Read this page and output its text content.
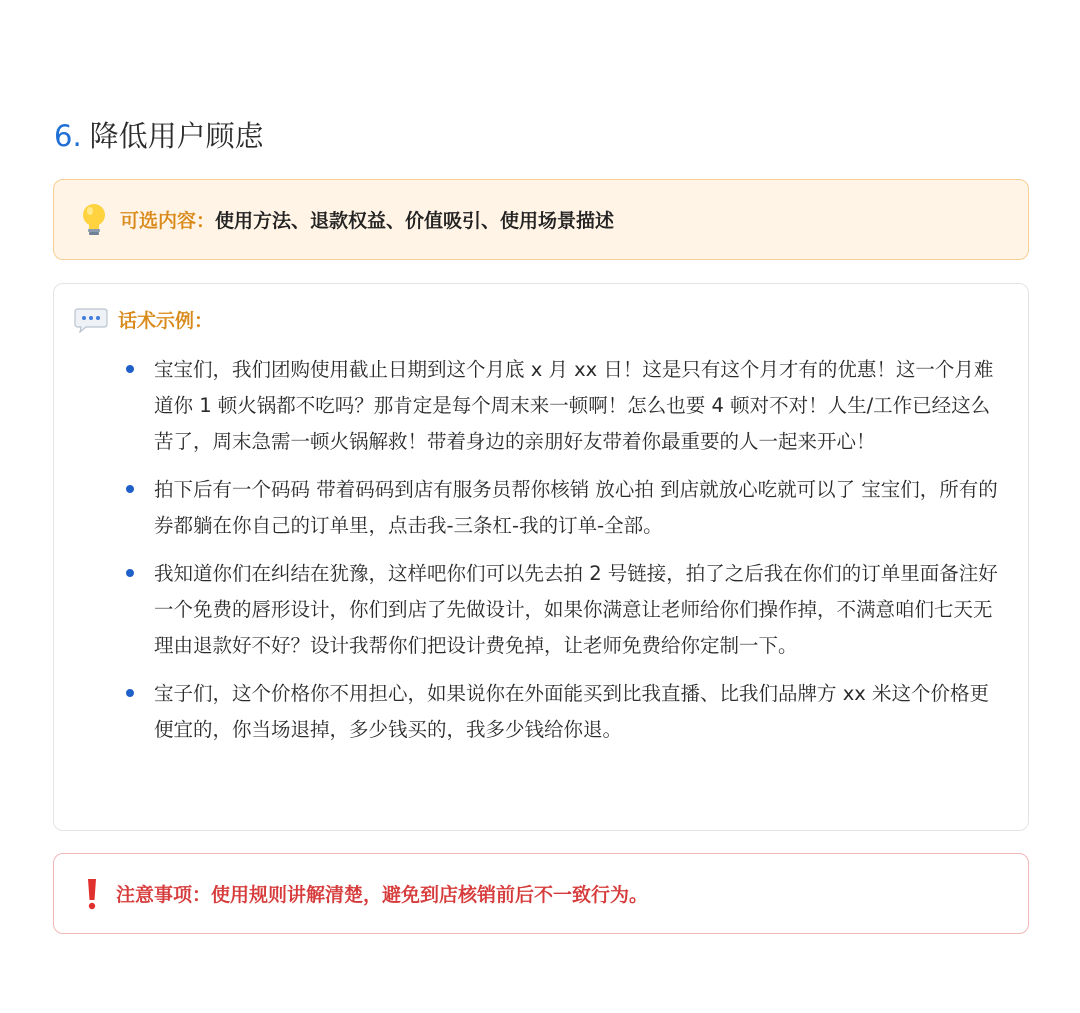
6. 降低用户顾虑
可选内容： 使用方法、退款权益、价值吸引、使用场景描述
话术示例：
宝宝们，我们团购使用截止日期到这个月底 x 月 xx 日！这是只有这个月才有的优惠！这一个月难道你 1 顿火锅都不吃吗？那肯定是每个周末来一顿啊！怎么也要 4 顿对不对！人生/工作已经这么苦了，周末急需一顿火锅解救！带着身边的亲朋好友带着你最重要的人一起来开心！
拍下后有一个码码 带着码码到店有服务员帮你核销 放心拍 到店就放心吃就可以了 宝宝们，所有的券都躺在你自己的订单里，点击我-三条杠-我的订单-全部。
我知道你们在纠结在犹豫，这样吧你们可以先去拍 2 号链接，拍了之后我在你们的订单里面备注好一个免费的唇形设计，你们到店了先做设计，如果你满意让老师给你们操作掉，不满意咱们七天无理由退款好不好？设计我帮你们把设计费免掉，让老师免费给你定制一下。
宝子们，这个价格你不用担心，如果说你在外面能买到比我直播、比我们品牌方 xx 米这个价格更便宜的，你当场退掉，多少钱买的，我多少钱给你退。
注意事项： 使用规则讲解清楚，避免到店核销前后不一致行为。
